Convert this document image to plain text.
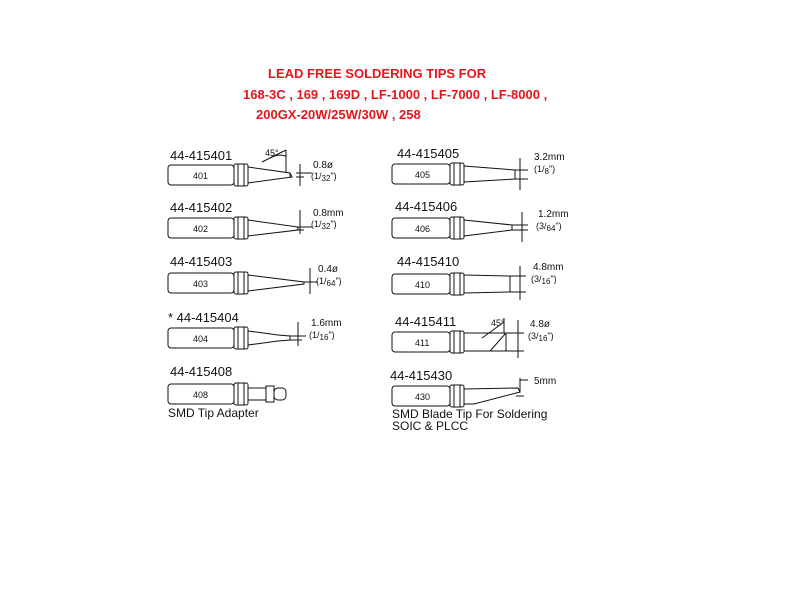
LEAD FREE SOLDERING TIPS FOR
168-3C , 169 , 169D , LF-1000 , LF-7000 , LF-8000 ,
200GX-20W/25W/30W , 258
44-415401
44-415402
44-415403
* 44-415404
44-415408
44-415405
44-415406
44-415410
44-415411
44-415430
SMD Tip Adapter	SMD Blade Tip For Soldering
SOIC & PLCC
45°
401
0.8ø
(1/32")
402
0.8mm
(1/32")
403
0.4ø
(1/64")
404
1.6mm
(1/16")
408
405
3.2mm
(1/8")
406
1.2mm
(3/64")
410
4.8mm
(3/16")
45°
411
4.8ø
(3/16")
430
5mm
